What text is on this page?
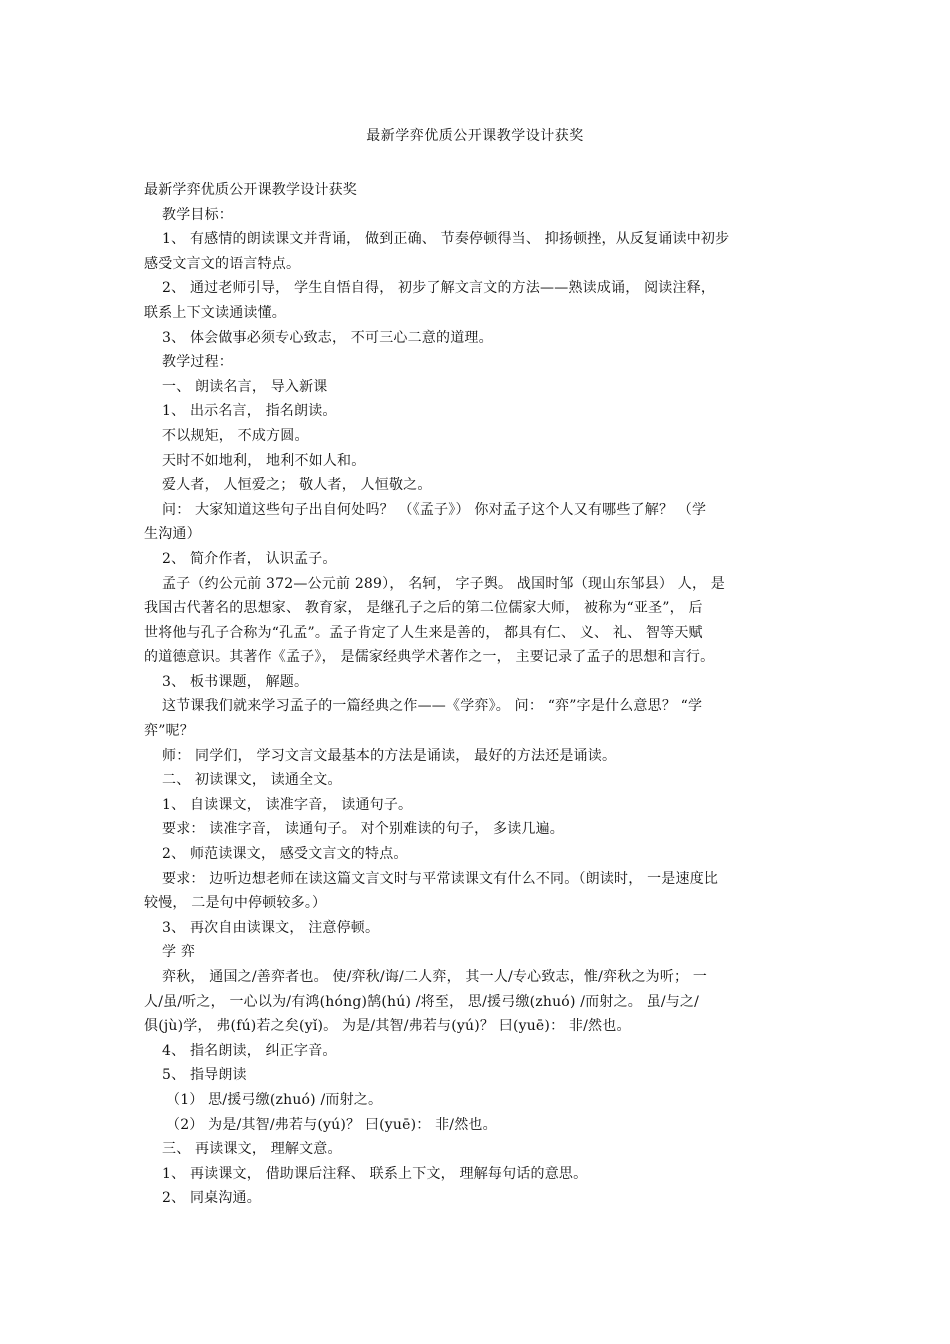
最新学弈优质公开课教学设计获奖
最新学弈优质公开课教学设计获奖
教学目标：
1、 有感情的朗读课文并背诵， 做到正确、 节奏停顿得当、 抑扬顿挫，从反复诵读中初步
感受文言文的语言特点。
2、 通过老师引导， 学生自悟自得， 初步了解文言文的方法——熟读成诵， 阅读注释，
联系上下文读通读懂。
3、 体会做事必须专心致志， 不可三心二意的道理。
教学过程：
一、 朗读名言， 导入新课
1、 出示名言， 指名朗读。
不以规矩， 不成方圆。
天时不如地利， 地利不如人和。
爱人者， 人恒爱之； 敬人者， 人恒敬之。
问： 大家知道这些句子出自何处吗？ （《孟子》） 你对孟子这个人又有哪些了解？ （学
生沟通）
2、 简介作者， 认识孟子。
孟子（约公元前 372—公元前 289）， 名轲， 字子舆。 战国时邹（现山东邹县） 人， 是
我国古代著名的思想家、 教育家， 是继孔子之后的第二位儒家大师， 被称为“亚圣”， 后
世将他与孔子合称为“孔孟”。孟子肯定了人生来是善的， 都具有仁、 义、 礼、 智等天赋
的道德意识。其著作《孟子》， 是儒家经典学术著作之一， 主要记录了孟子的思想和言行。
3、 板书课题， 解题。
这节课我们就来学习孟子的一篇经典之作——《学弈》。 问： “弈”字是什么意思？ “学
弈”呢？
师： 同学们， 学习文言文最基本的方法是诵读， 最好的方法还是诵读。
二、 初读课文， 读通全文。
1、 自读课文， 读准字音， 读通句子。
要求： 读准字音， 读通句子。 对个别难读的句子， 多读几遍。
2、 师范读课文， 感受文言文的特点。
要求： 边听边想老师在读这篇文言文时与平常读课文有什么不同。（朗读时， 一是速度比
较慢， 二是句中停顿较多。）
3、 再次自由读课文， 注意停顿。
学 弈
弈秋， 通国之/善弈者也。 使/弈秋/诲/二人弈， 其一人/专心致志，惟/弈秋之为听； 一
人/虽/听之， 一心以为/有鸿(hóng)鹄(hú) /将至， 思/援弓缴(zhuó) /而射之。 虽/与之/
俱(jù)学， 弗(fú)若之矣(yǐ)。 为是/其智/弗若与(yú)？ 曰(yuē)： 非/然也。
4、 指名朗读， 纠正字音。
5、 指导朗读
（1） 思/援弓缴(zhuó) /而射之。
（2） 为是/其智/弗若与(yú)？ 曰(yuē)： 非/然也。
三、 再读课文， 理解文意。
1、 再读课文， 借助课后注释、 联系上下文， 理解每句话的意思。
2、 同桌沟通。
